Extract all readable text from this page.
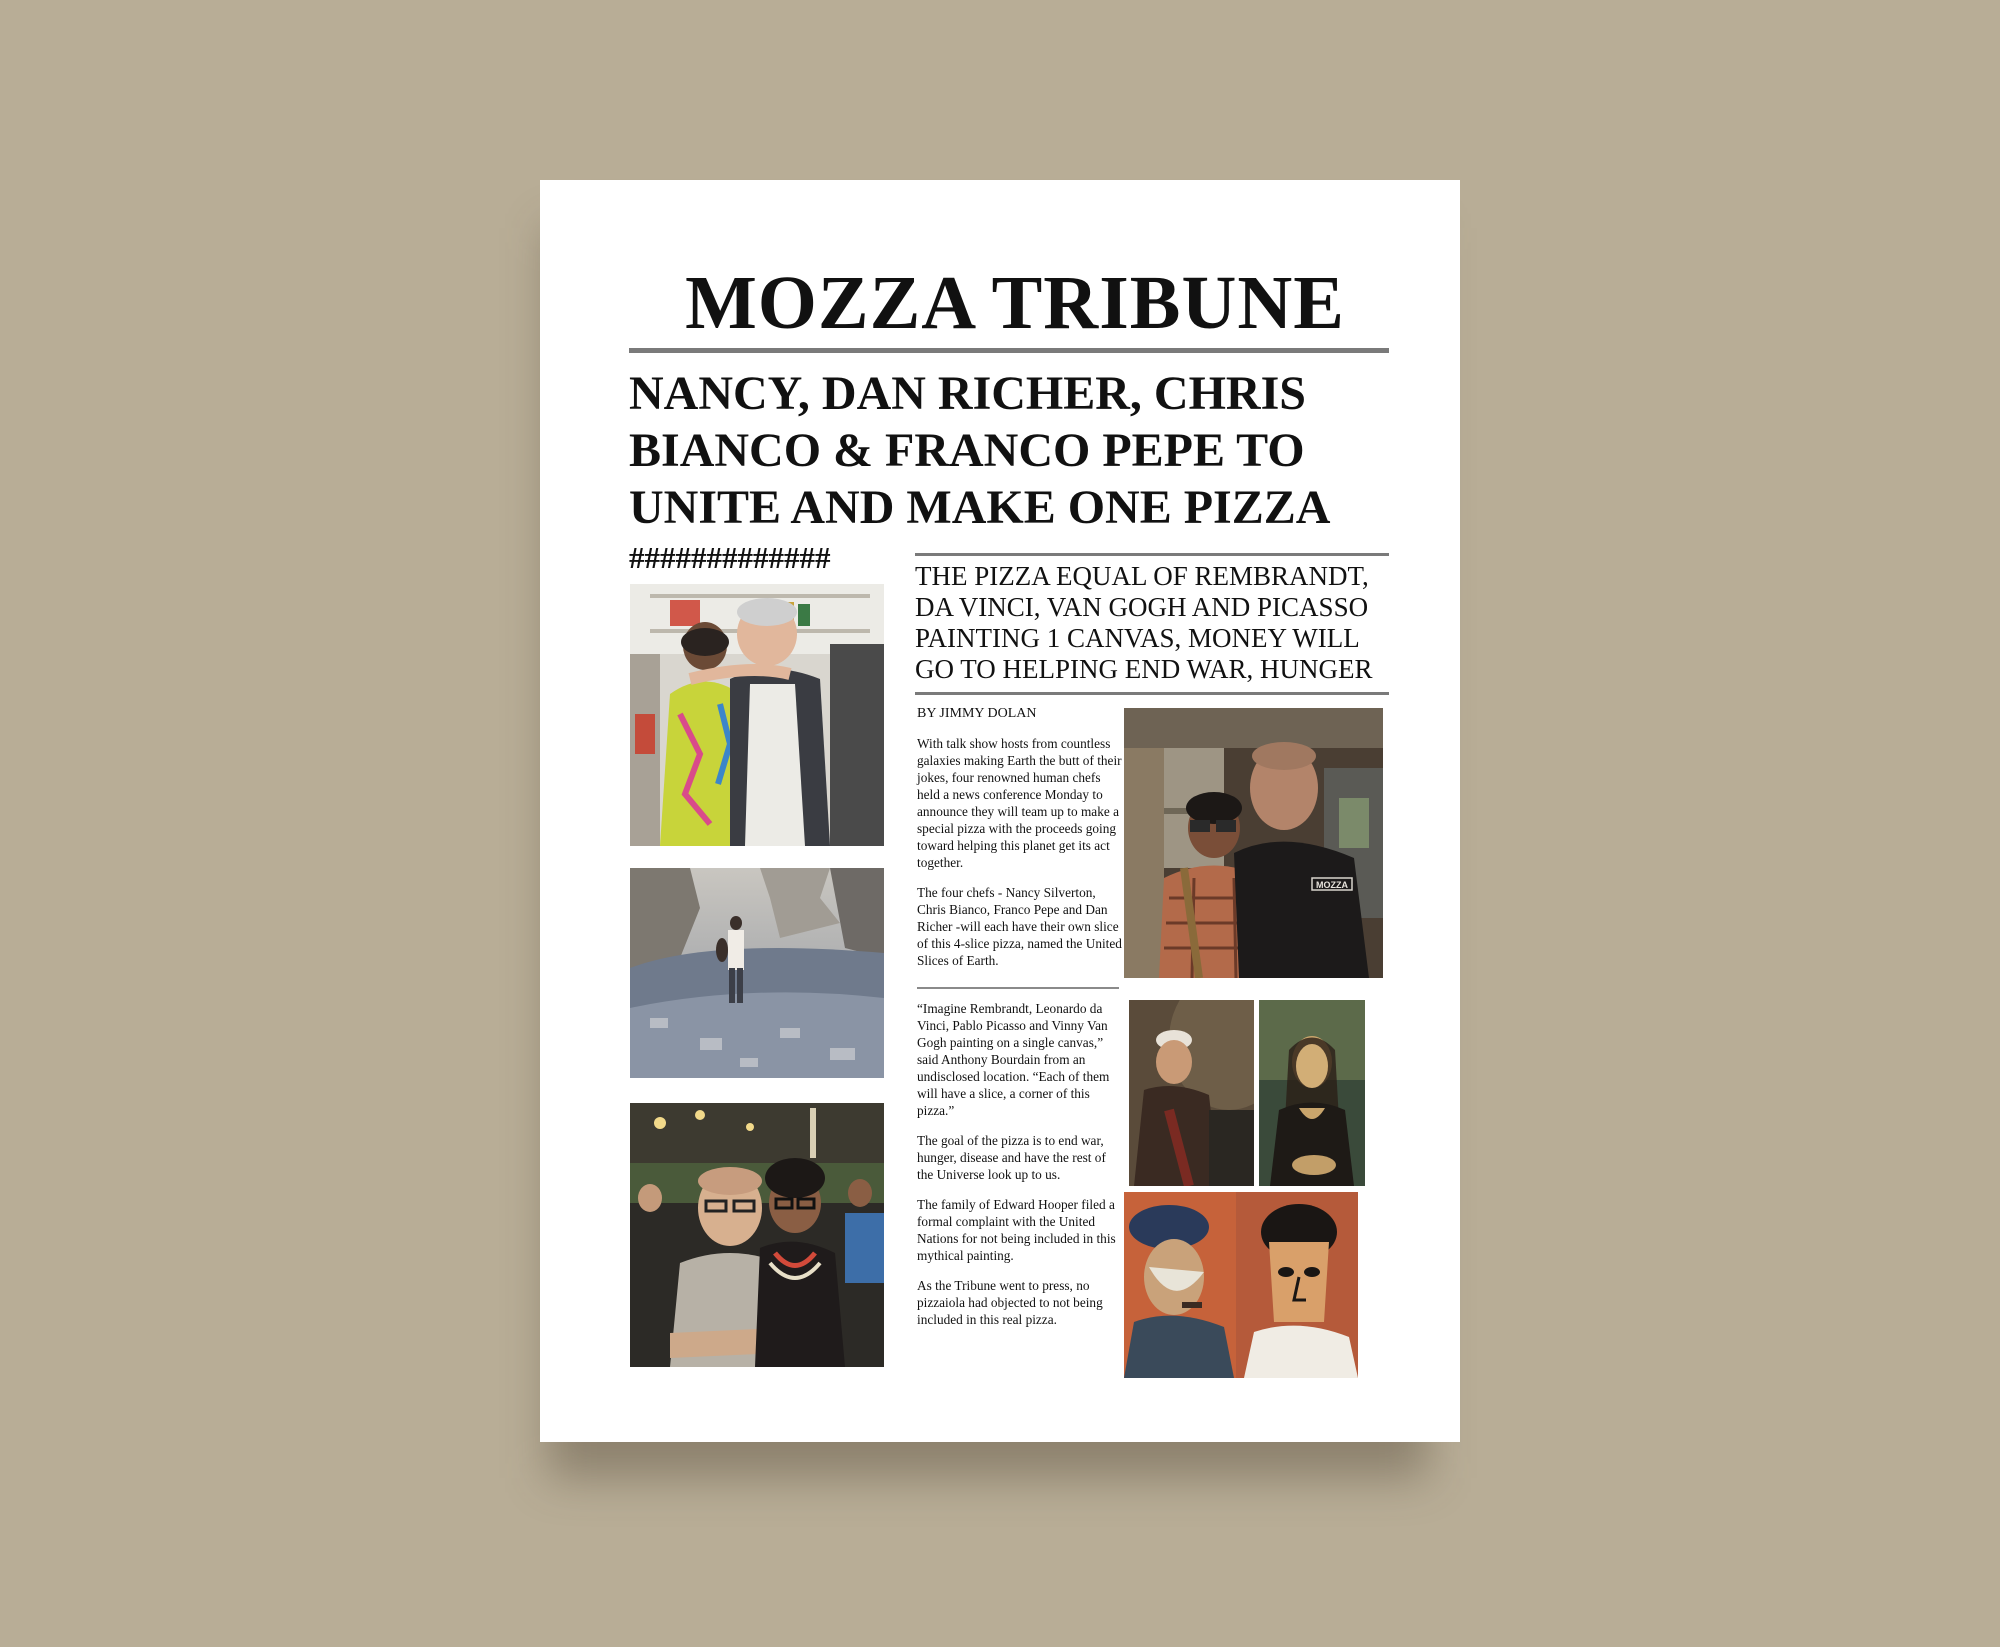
MOZZA TRIBUNE
NANCY, DAN RICHER, CHRIS BIANCO & FRANCO PEPE TO UNITE AND MAKE ONE PIZZA
#############
THE PIZZA EQUAL OF REMBRANDT, DA VINCI, VAN GOGH AND PICASSO PAINTING 1 CANVAS, MONEY WILL GO TO HELPING END WAR, HUNGER
BY JIMMY DOLAN

With talk show hosts from countless galaxies making Earth the butt of their jokes, four renowned human chefs held a news conference Monday to announce they will team up to make a special pizza with the proceeds going toward helping this planet get its act together.

The four chefs - Nancy Silverton, Chris Bianco, Franco Pepe and Dan Richer -will each have their own slice of this 4-slice pizza, named the United Slices of Earth.

“Imagine Rembrandt, Leonardo da Vinci, Pablo Picasso and Vinny Van Gogh painting on a single canvas,” said Anthony Bourdain from an undisclosed location. “Each of them will have a slice, a corner of this pizza.”

The goal of the pizza is to end war, hunger, disease and have the rest of the Universe look up to us.

The family of Edward Hooper filed a formal complaint with the United Nations for not being included in this mythical painting.

As the Tribune went to press, no pizzaiola had objected to not being included in this real pizza.

MOZZA
